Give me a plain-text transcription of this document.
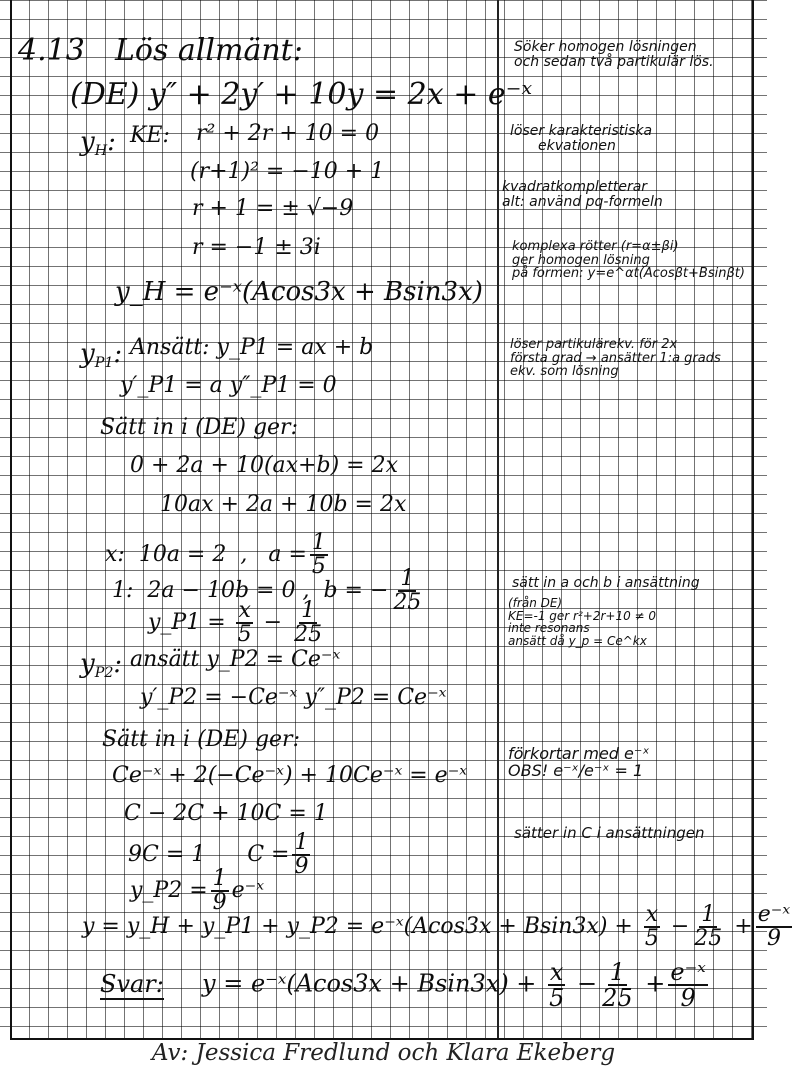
4.13 Lös allmänt:
(DE) y″ + 2y′ + 10y = 2x + e⁻ˣ
$y_H$: KE: r² + 2r + 10 = 0
(r+1)² = −10 + 1
r + 1 = ± √−9
r = −1 ± 3i
y_H = e⁻ˣ(Acos3x + Bsin3x)
$y_{P1}$: Ansätt: y_P1 = ax + b
y′_P1 = a y″_P1 = 0
Sätt in i (DE) ger:
0 + 2a + 10(ax+b) = 2x
10ax + 2a + 10b = 2x
x: 10a = 2  ,   $a = \frac{1}{5}$
1: 2a − 10b = 0 ,  b = − $\frac{1}{25}$
y_P1 = $\frac{x}{5} - \frac{1}{25}$
$y_{P2}$: ansätt y_P2 = Ce⁻ˣ
y′_P2 = −Ce⁻ˣ y″_P2 = Ce⁻ˣ
Sätt in i (DE) ger:
Ce⁻ˣ + 2(−Ce⁻ˣ) + 10Ce⁻ˣ = e⁻ˣ
C − 2C + 10C = 1
9C = 1 $C = \frac{1}{9}$
y_P2 = $\frac{1}{9}$ e⁻ˣ
y = y_H + y_P1 + y_P2 = e⁻ˣ(Acos3x + $Bsin3x) + \frac{x}{5} - \frac{1}{25} + \frac{\text{e⁻ˣ}}{9}$
Svar: y = e⁻ˣ(Acos3x + $Bsin3x) + \frac{x}{5} - \frac{1}{25} + \frac{\text{e⁻ˣ}}{9}$
Söker homogen lösningen
och sedan två partikulär lös.
löser karakteristiska
ekvationen
kvadratkompletterar
alt: använd pq-formeln
komplexa rötter (r=α±βi)
ger homogen lösning
på formen: y=e^αt(Acosβt+Bsinβt)
löser partikulärekv. för 2x
första grad → ansätter 1:a grads
ekv. som lösning
sätt in a och b i ansättning
(från DE)
KE=-1 ger r²+2r+10 ≠ 0
inte resonans
ansätt då y_p = Ce^kx
förkortar med e⁻ˣ
OBS! e⁻ˣ/e⁻ˣ = 1
sätter in C i ansättningen
Av: Jessica Fredlund och Klara Ekeberg
